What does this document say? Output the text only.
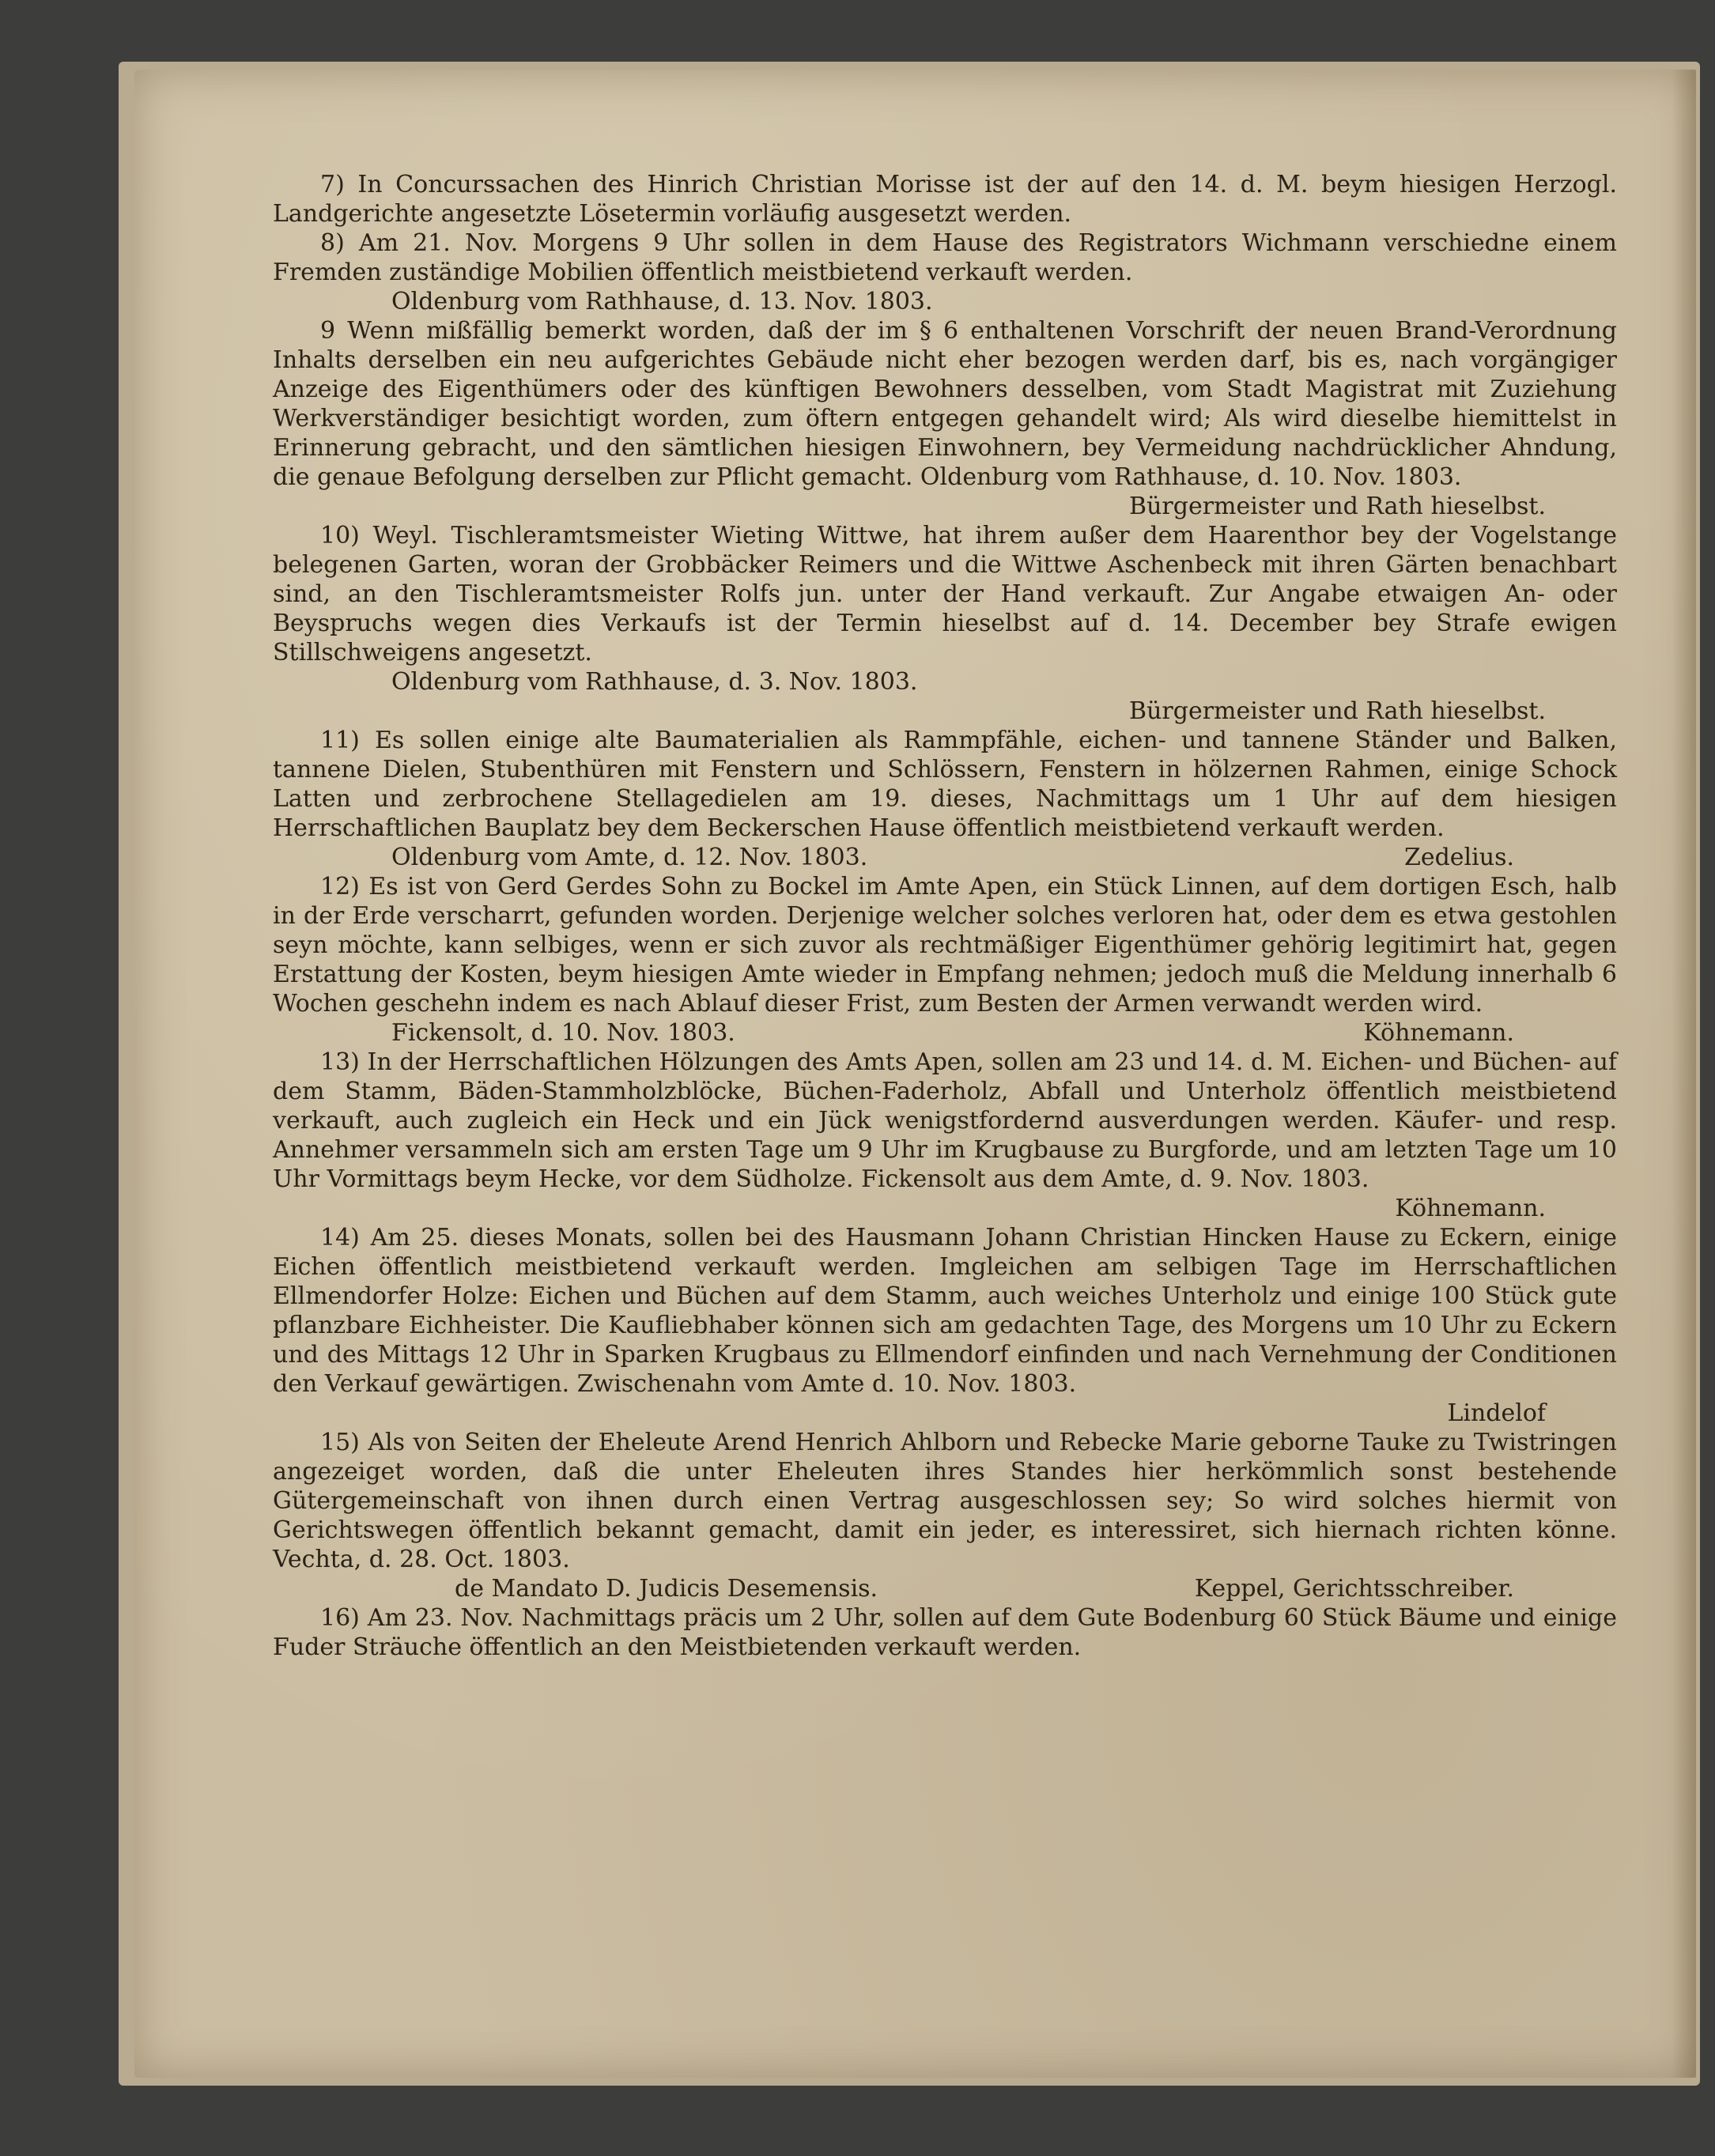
7) In Concurssachen des Hinrich Christian Morisse ist der auf den 14. d. M. beym hiesigen Herzogl. Landgerichte angesetzte Lösetermin vorläufig ausgesetzt werden.

8) Am 21. Nov. Morgens 9 Uhr sollen in dem Hause des Registrators Wichmann verschiedne einem Fremden zuständige Mobilien öffentlich meistbietend verkauft werden.

Oldenburg vom Rathhause, d. 13. Nov. 1803.

9 Wenn mißfällig bemerkt worden, daß der im § 6 enthaltenen Vorschrift der neuen Brand-Verordnung Inhalts derselben ein neu aufgerichtes Gebäude nicht eher bezogen werden darf, bis es, nach vorgängiger Anzeige des Eigenthümers oder des künftigen Bewohners desselben, vom Stadt Magistrat mit Zuziehung Werkverständiger besichtigt worden, zum öftern entgegen gehandelt wird; Als wird dieselbe hiemittelst in Erinnerung gebracht, und den sämtlichen hiesigen Einwohnern, bey Vermeidung nachdrücklicher Ahndung, die genaue Befolgung derselben zur Pflicht gemacht. Oldenburg vom Rathhause, d. 10. Nov. 1803.

Bürgermeister und Rath hieselbst.

10) Weyl. Tischleramtsmeister Wieting Wittwe, hat ihrem außer dem Haarenthor bey der Vogelstange belegenen Garten, woran der Grobbäcker Reimers und die Wittwe Aschenbeck mit ihren Gärten benachbart sind, an den Tischleramtsmeister Rolfs jun. unter der Hand verkauft. Zur Angabe etwaigen An- oder Beyspruchs wegen dies Verkaufs ist der Termin hieselbst auf d. 14. December bey Strafe ewigen Stillschweigens angesetzt.

Oldenburg vom Rathhause, d. 3. Nov. 1803.

Bürgermeister und Rath hieselbst.

11) Es sollen einige alte Baumaterialien als Rammpfähle, eichen- und tannene Ständer und Balken, tannene Dielen, Stubenthüren mit Fenstern und Schlössern, Fenstern in hölzernen Rahmen, einige Schock Latten und zerbrochene Stellagedielen am 19. dieses, Nachmittags um 1 Uhr auf dem hiesigen Herrschaftlichen Bauplatz bey dem Beckerschen Hause öffentlich meistbietend verkauft werden.

Oldenburg vom Amte, d. 12. Nov. 1803.	Zedelius.

12) Es ist von Gerd Gerdes Sohn zu Bockel im Amte Apen, ein Stück Linnen, auf dem dortigen Esch, halb in der Erde verscharrt, gefunden worden. Derjenige welcher solches verloren hat, oder dem es etwa gestohlen seyn möchte, kann selbiges, wenn er sich zuvor als rechtmäßiger Eigenthümer gehörig legitimirt hat, gegen Erstattung der Kosten, beym hiesigen Amte wieder in Empfang nehmen; jedoch muß die Meldung innerhalb 6 Wochen geschehn indem es nach Ablauf dieser Frist, zum Besten der Armen verwandt werden wird.

Fickensolt, d. 10. Nov. 1803.	Köhnemann.

13) In der Herrschaftlichen Hölzungen des Amts Apen, sollen am 23 und 14. d. M. Eichen- und Büchen- auf dem Stamm, Bäden-Stammholzblöcke, Büchen-Faderholz, Abfall und Unterholz öffentlich meistbietend verkauft, auch zugleich ein Heck und ein Jück wenigstfordernd ausverdungen werden. Käufer- und resp. Annehmer versammeln sich am ersten Tage um 9 Uhr im Krugbause zu Burgforde, und am letzten Tage um 10 Uhr Vormittags beym Hecke, vor dem Südholze. Fickensolt aus dem Amte, d. 9. Nov. 1803.

Köhnemann.

14) Am 25. dieses Monats, sollen bei des Hausmann Johann Christian Hincken Hause zu Eckern, einige Eichen öffentlich meistbietend verkauft werden. Imgleichen am selbigen Tage im Herrschaftlichen Ellmendorfer Holze: Eichen und Büchen auf dem Stamm, auch weiches Unterholz und einige 100 Stück gute pflanzbare Eichheister. Die Kaufliebhaber können sich am gedachten Tage, des Morgens um 10 Uhr zu Eckern und des Mittags 12 Uhr in Sparken Krugbaus zu Ellmendorf einfinden und nach Vernehmung der Conditionen den Verkauf gewärtigen. Zwischenahn vom Amte d. 10. Nov. 1803.

Lindelof

15) Als von Seiten der Eheleute Arend Henrich Ahlborn und Rebecke Marie geborne Tauke zu Twistringen angezeiget worden, daß die unter Eheleuten ihres Standes hier herkömmlich sonst bestehende Gütergemeinschaft von ihnen durch einen Vertrag ausgeschlossen sey; So wird solches hiermit von Gerichtswegen öffentlich bekannt gemacht, damit ein jeder, es interessiret, sich hiernach richten könne. Vechta, d. 28. Oct. 1803.

de Mandato D. Judicis Desemensis.	Keppel, Gerichtsschreiber.

16) Am 23. Nov. Nachmittags präcis um 2 Uhr, sollen auf dem Gute Bodenburg 60 Stück Bäume und einige Fuder Sträuche öffentlich an den Meistbietenden verkauft werden.
